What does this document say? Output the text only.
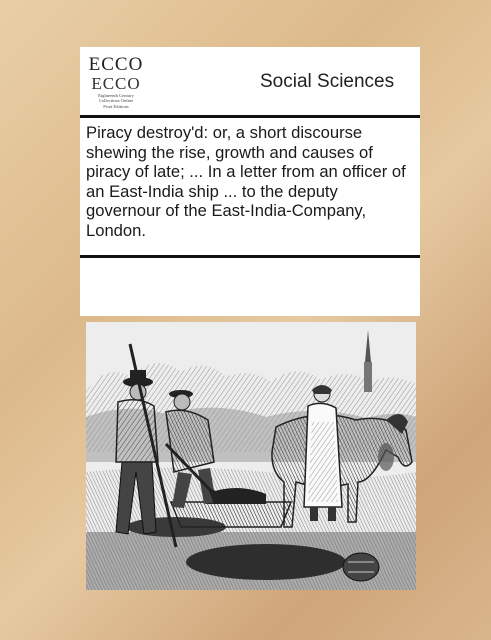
ECCO
ECCO
Eighteenth Century
Collections Online
Print Editions
Social Sciences
Piracy destroy'd: or, a short discourse shewing the rise, growth and causes of piracy of late; ... In a letter from an officer of an East-India ship ... to the deputy governour of the East-India-Company, London.
